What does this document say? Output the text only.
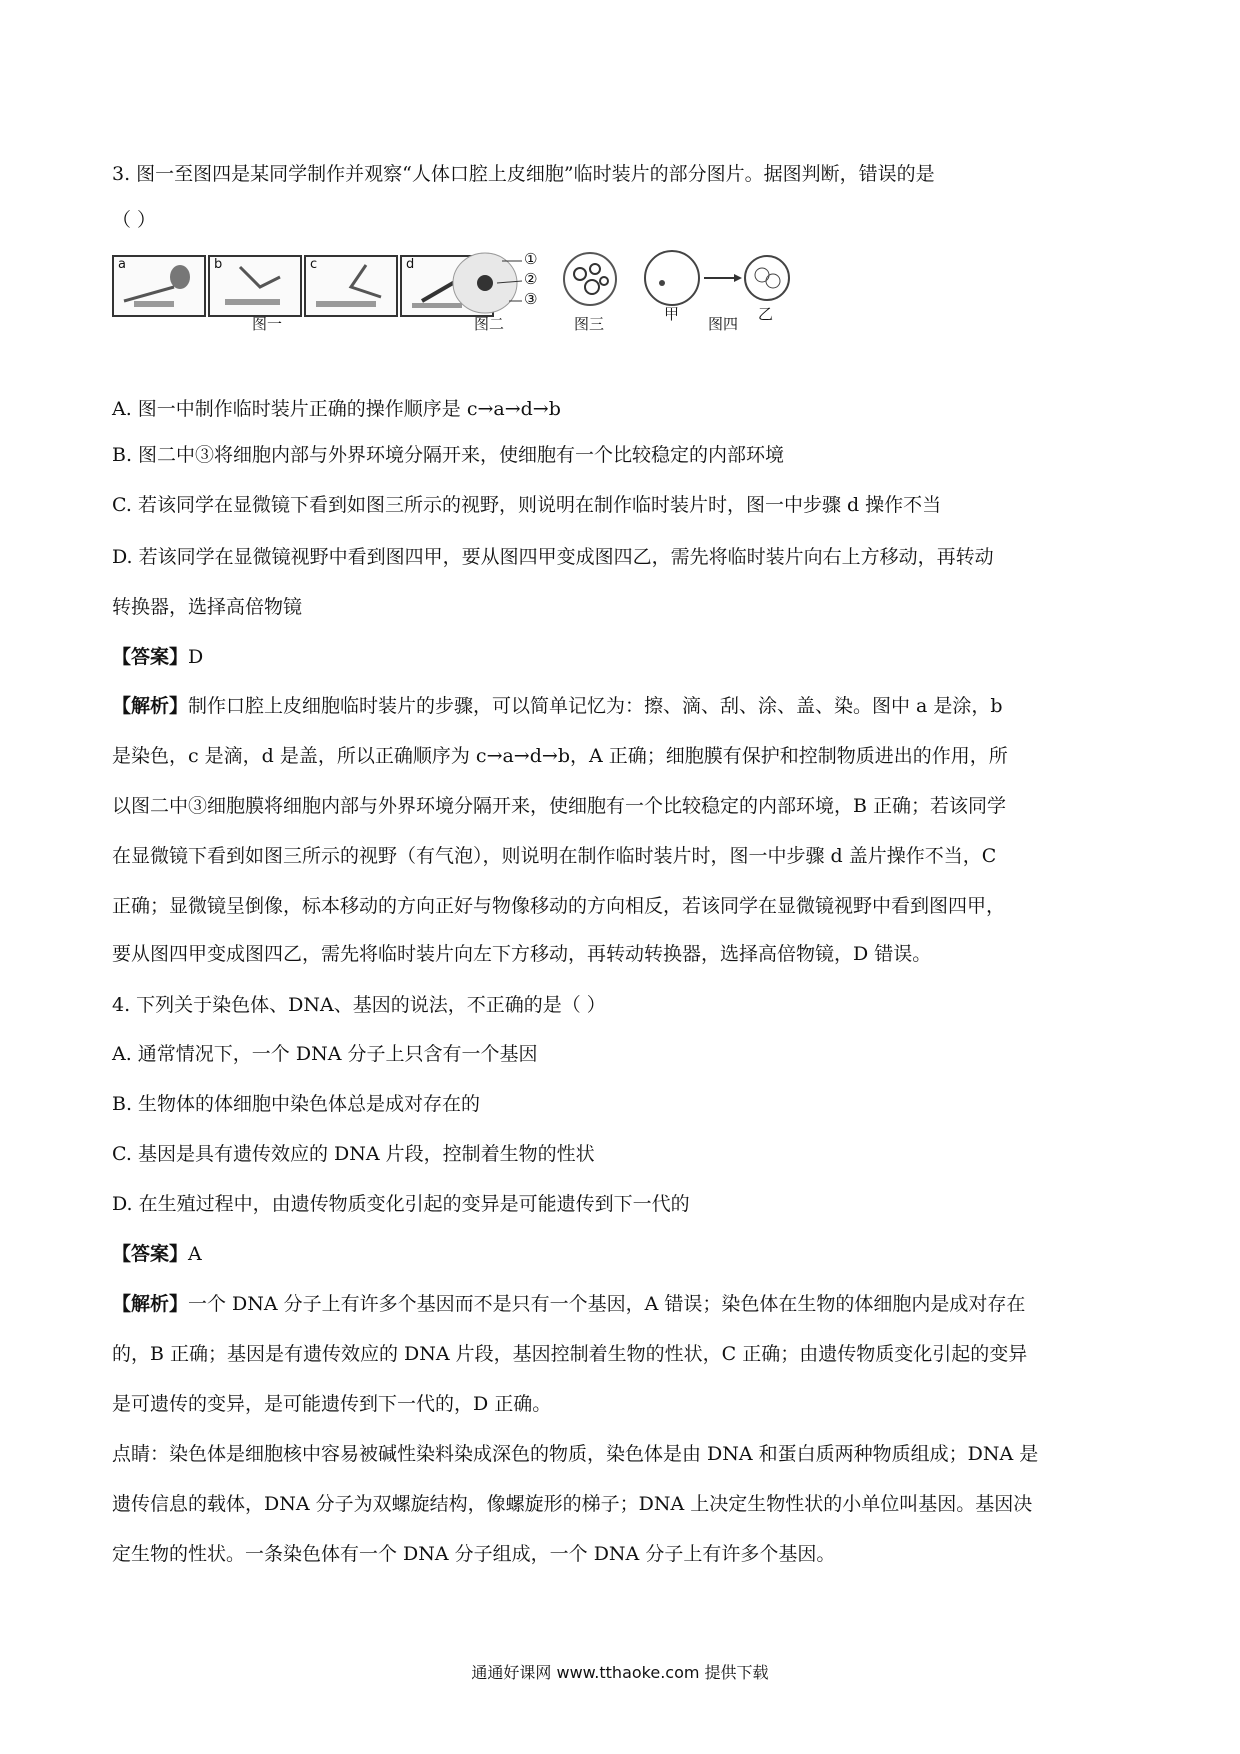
3. 图一至图四是某同学制作并观察“人体口腔上皮细胞”临时装片的部分图片。据图判断，错误的是
（ ）
a	b	c	d
图一
①
②
③
图二	图三
甲	乙
图四
A. 图一中制作临时装片正确的操作顺序是 c→a→d→b
B. 图二中③将细胞内部与外界环境分隔开来，使细胞有一个比较稳定的内部环境
C. 若该同学在显微镜下看到如图三所示的视野，则说明在制作临时装片时，图一中步骤 d 操作不当
D. 若该同学在显微镜视野中看到图四甲，要从图四甲变成图四乙，需先将临时装片向右上方移动，再转动
转换器，选择高倍物镜
【答案】D
【解析】制作口腔上皮细胞临时装片的步骤，可以简单记忆为：擦、滴、刮、涂、盖、染。图中 a 是涂，b
是染色，c 是滴，d 是盖，所以正确顺序为 c→a→d→b，A 正确；细胞膜有保护和控制物质进出的作用，所
以图二中③细胞膜将细胞内部与外界环境分隔开来，使细胞有一个比较稳定的内部环境，B 正确；若该同学
在显微镜下看到如图三所示的视野（有气泡），则说明在制作临时装片时，图一中步骤 d 盖片操作不当，C
正确；显微镜呈倒像，标本移动的方向正好与物像移动的方向相反，若该同学在显微镜视野中看到图四甲，
要从图四甲变成图四乙，需先将临时装片向左下方移动，再转动转换器，选择高倍物镜，D 错误。
4. 下列关于染色体、DNA、基因的说法，不正确的是（ ）
A. 通常情况下，一个 DNA 分子上只含有一个基因
B. 生物体的体细胞中染色体总是成对存在的
C. 基因是具有遗传效应的 DNA 片段，控制着生物的性状
D. 在生殖过程中，由遗传物质变化引起的变异是可能遗传到下一代的
【答案】A
【解析】一个 DNA 分子上有许多个基因而不是只有一个基因，A 错误；染色体在生物的体细胞内是成对存在
的，B 正确；基因是有遗传效应的 DNA 片段，基因控制着生物的性状，C 正确；由遗传物质变化引起的变异
是可遗传的变异，是可能遗传到下一代的，D 正确。
点睛：染色体是细胞核中容易被碱性染料染成深色的物质，染色体是由 DNA 和蛋白质两种物质组成；DNA 是
遗传信息的载体，DNA 分子为双螺旋结构，像螺旋形的梯子；DNA 上决定生物性状的小单位叫基因。基因决
定生物的性状。一条染色体有一个 DNA 分子组成，一个 DNA 分子上有许多个基因。
通通好课网 www.tthaoke.com 提供下载
